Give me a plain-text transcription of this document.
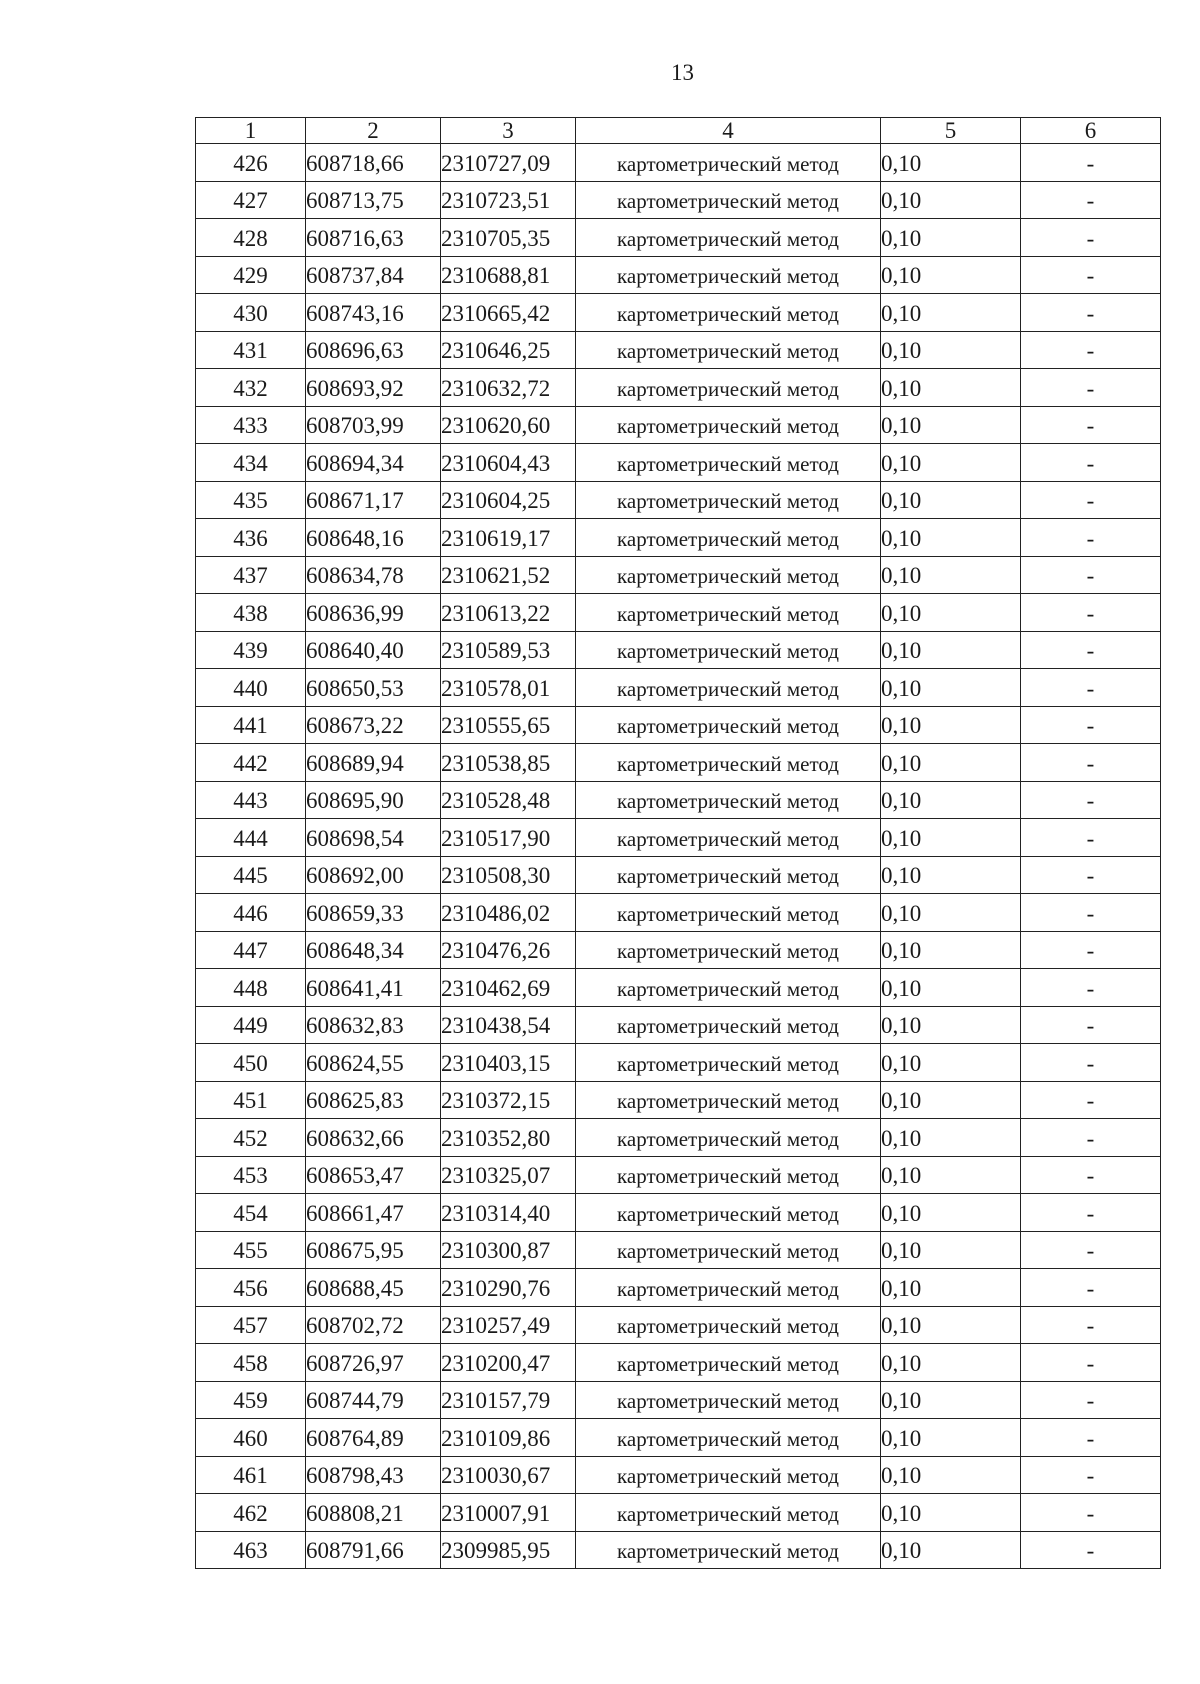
13
1	2	3	4	5	6
426	608718,66	2310727,09	картометрический метод	0,10	-
427	608713,75	2310723,51	картометрический метод	0,10	-
428	608716,63	2310705,35	картометрический метод	0,10	-
429	608737,84	2310688,81	картометрический метод	0,10	-
430	608743,16	2310665,42	картометрический метод	0,10	-
431	608696,63	2310646,25	картометрический метод	0,10	-
432	608693,92	2310632,72	картометрический метод	0,10	-
433	608703,99	2310620,60	картометрический метод	0,10	-
434	608694,34	2310604,43	картометрический метод	0,10	-
435	608671,17	2310604,25	картометрический метод	0,10	-
436	608648,16	2310619,17	картометрический метод	0,10	-
437	608634,78	2310621,52	картометрический метод	0,10	-
438	608636,99	2310613,22	картометрический метод	0,10	-
439	608640,40	2310589,53	картометрический метод	0,10	-
440	608650,53	2310578,01	картометрический метод	0,10	-
441	608673,22	2310555,65	картометрический метод	0,10	-
442	608689,94	2310538,85	картометрический метод	0,10	-
443	608695,90	2310528,48	картометрический метод	0,10	-
444	608698,54	2310517,90	картометрический метод	0,10	-
445	608692,00	2310508,30	картометрический метод	0,10	-
446	608659,33	2310486,02	картометрический метод	0,10	-
447	608648,34	2310476,26	картометрический метод	0,10	-
448	608641,41	2310462,69	картометрический метод	0,10	-
449	608632,83	2310438,54	картометрический метод	0,10	-
450	608624,55	2310403,15	картометрический метод	0,10	-
451	608625,83	2310372,15	картометрический метод	0,10	-
452	608632,66	2310352,80	картометрический метод	0,10	-
453	608653,47	2310325,07	картометрический метод	0,10	-
454	608661,47	2310314,40	картометрический метод	0,10	-
455	608675,95	2310300,87	картометрический метод	0,10	-
456	608688,45	2310290,76	картометрический метод	0,10	-
457	608702,72	2310257,49	картометрический метод	0,10	-
458	608726,97	2310200,47	картометрический метод	0,10	-
459	608744,79	2310157,79	картометрический метод	0,10	-
460	608764,89	2310109,86	картометрический метод	0,10	-
461	608798,43	2310030,67	картометрический метод	0,10	-
462	608808,21	2310007,91	картометрический метод	0,10	-
463	608791,66	2309985,95	картометрический метод	0,10	-
